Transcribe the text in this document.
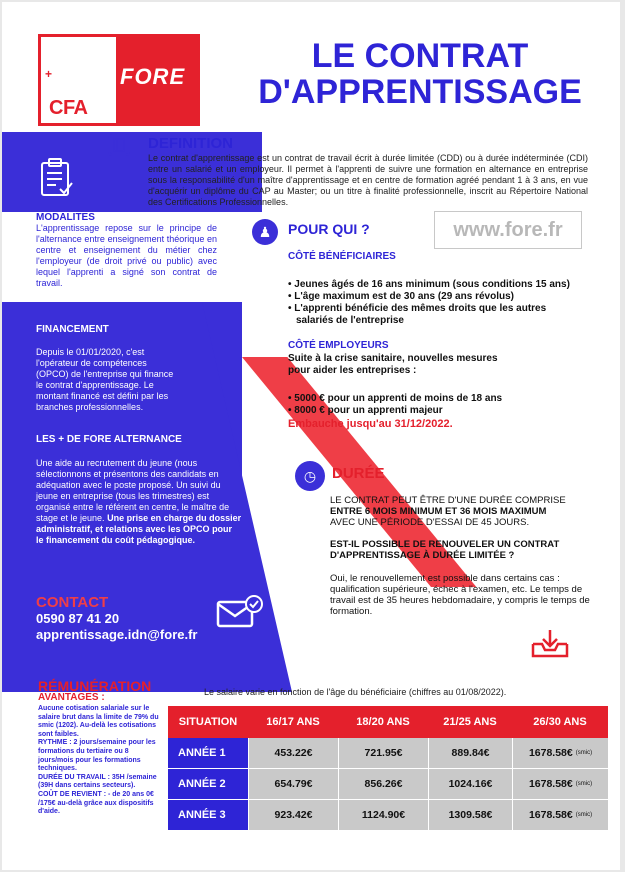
CFA
+	FORE
LE CONTRAT
D'APPRENTISSAGE
DEFINITION
Le contrat d'apprentissage est un contrat de travail écrit à durée limitée (CDD) ou à durée indéterminée (CDI) entre un salarié et un employeur. Il permet à l'apprenti de suivre une formation en alternance en entreprise sous la responsabilité d'un maître d'apprentissage et en centre de formation agréé pendant 1 à 3 ans, en vue d'acquérir un diplôme du CAP au Master; ou un titre à finalité professionnelle, inscrit au Répertoire National des Certifications Professionnelles.
MODALITES
L'apprentissage repose sur le principe de l'alternance entre enseignement théorique en centre et enseignement du métier chez l'employeur (de droit privé ou public) avec lequel l'apprenti a signé son contrat de travail.
FINANCEMENT
Depuis le 01/01/2020, c'est l'opérateur de compétences (OPCO) de l'entreprise qui finance le contrat d'apprentissage. Le montant financé est défini par les branches professionnelles.
LES + DE FORE ALTERNANCE
Une aide au recrutement du jeune (nous sélectionnons et présentons des candidats en adéquation avec le poste proposé. Un suivi du jeune en entreprise (tous les trimestres) est organisé entre le référent en centre, le maître de stage et le jeune. Une prise en charge du dossier administratif, et relations avec les OPCO pour le financement du coût pédagogique.
CONTACT
0590 87 41 20
apprentissage.idn@fore.fr
www.fore.fr
♟	POUR QUI ?
CÔTÉ BÉNÉFICIAIRES
• Jeunes âgés de 16 ans minimum (sous conditions 15 ans)
• L'âge maximum est de 30 ans (29 ans révolus)
• L'apprenti bénéficie des mêmes droits que les autres
salariés de l'entreprise
CÔTÉ EMPLOYEURS
Suite à la crise sanitaire, nouvelles mesures
pour aider les entreprises :
• 5000 € pour un apprenti de moins de 18 ans
• 8000 € pour un apprenti majeur
Embauche jusqu'au 31/12/2022.
◷	DURÉE
LE CONTRAT PEUT ÊTRE D'UNE DURÉE COMPRISE
ENTRE 6 MOIS MINIMUM ET 36 MOIS MAXIMUM
AVEC UNE PÉRIODE D'ESSAI DE 45 JOURS.
EST-IL POSSIBLE DE RENOUVELER UN CONTRAT
D'APPRENTISSAGE À DURÉE LIMITÉE ?
Oui, le renouvellement est possible dans certains cas : qualification supérieure, échec à l'examen, etc. Le temps de travail est de 35 heures hebdomadaire, y compris le temps de formation.
RÉMUNÉRATION
AVANTAGES :
Aucune cotisation salariale sur le salaire brut dans la limite de 79% du smic (1202). Au-delà les cotisations sont faibles.
RYTHME : 2 jours/semaine pour les formations du tertiaire ou 8 jours/mois pour les formations techniques.
DURÉE DU TRAVAIL : 35H /semaine (39H dans certains secteurs).
COÛT DE REVIENT : - de 20 ans 0€ /175€ au-delà grâce aux dispositifs d'aide.
Le salaire varie en fonction de l'âge du bénéficiaire (chiffres au 01/08/2022).
SITUATION	16/17 ANS	18/20 ANS	21/25 ANS	26/30 ANS
ANNÉE 1	453.22€	721.95€	889.84€	1678.58€ (smic)
ANNÉE 2	654.79€	856.26€	1024.16€	1678.58€ (smic)
ANNÉE 3	923.42€	1124.90€	1309.58€	1678.58€ (smic)
